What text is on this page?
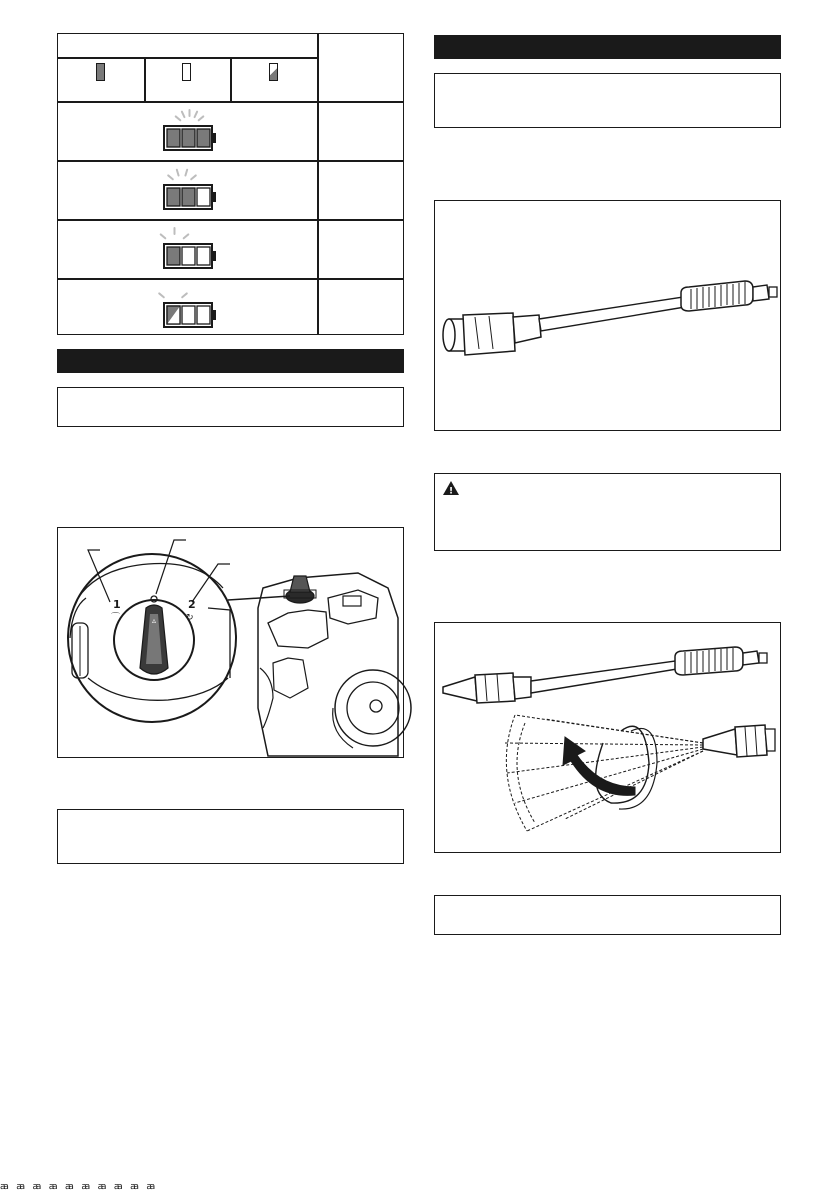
▵
1	2
⌒	↻
!
ꜳ ꜳ ꜳ ꜳ ꜳ ꜳ ꜳ ꜳ ꜳ ꜳ
